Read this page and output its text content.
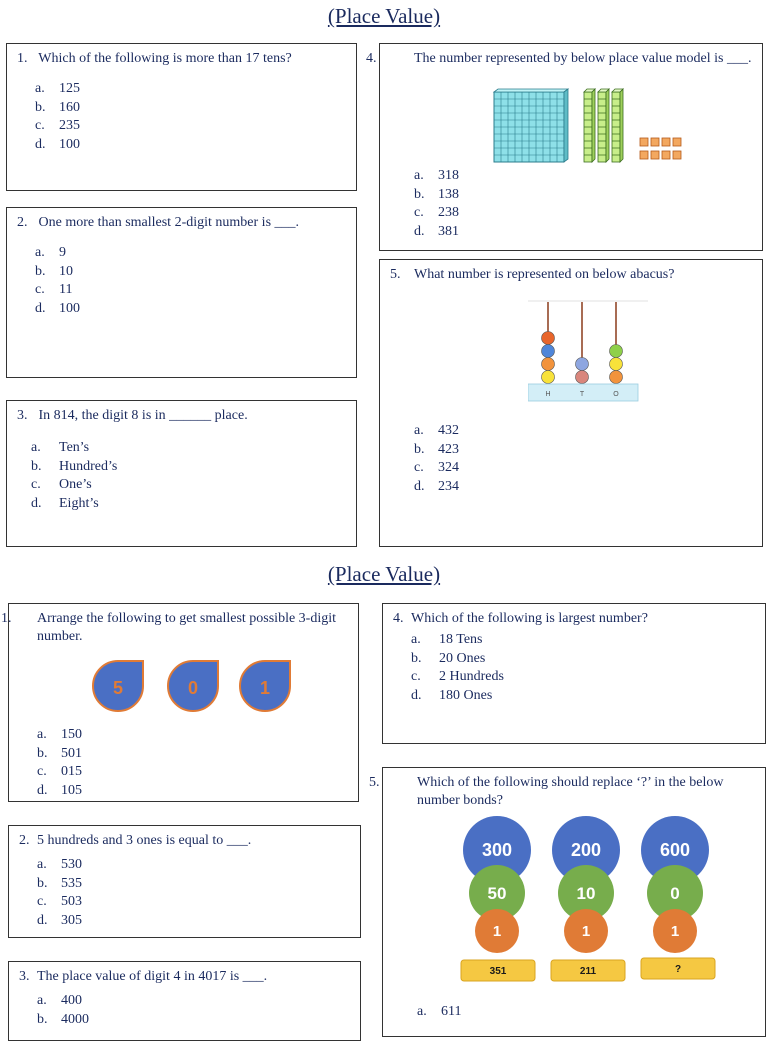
(Place Value)
1. Which of the following is more than 17 tens?
a. 125
b. 160
c. 235
d. 100
2. One more than smallest 2-digit number is ___.
a. 9
b. 10
c. 11
d. 100
3. In 814, the digit 8 is in ______ place.
a. Ten’s
b. Hundred’s
c. One’s
d. Eight’s
4.	The number represented by below place value model is ___.
a. 318
b. 138
c. 238
d. 381
5. What number is represented on below abacus?
H	T	O
a. 432
b. 423
c. 324
d. 234
(Place Value)
1. Arrange the following to get smallest possible 3-digit number.
5	0	1
a. 150
b. 501
c. 015
d. 105
2. 5 hundreds and 3 ones is equal to ___.
a. 530
b. 535
c. 503
d. 305
3. The place value of digit 4 in 4017 is ___.
a. 400
b. 4000
4. Which of the following is largest number?
a. 18 Tens
b. 20 Ones
c. 2 Hundreds
d. 180 Ones
5.	Which of the following should replace ‘?’ in the below number bonds?
300
50
1
351
200
10
1
211
600
0
1
?
a. 611
